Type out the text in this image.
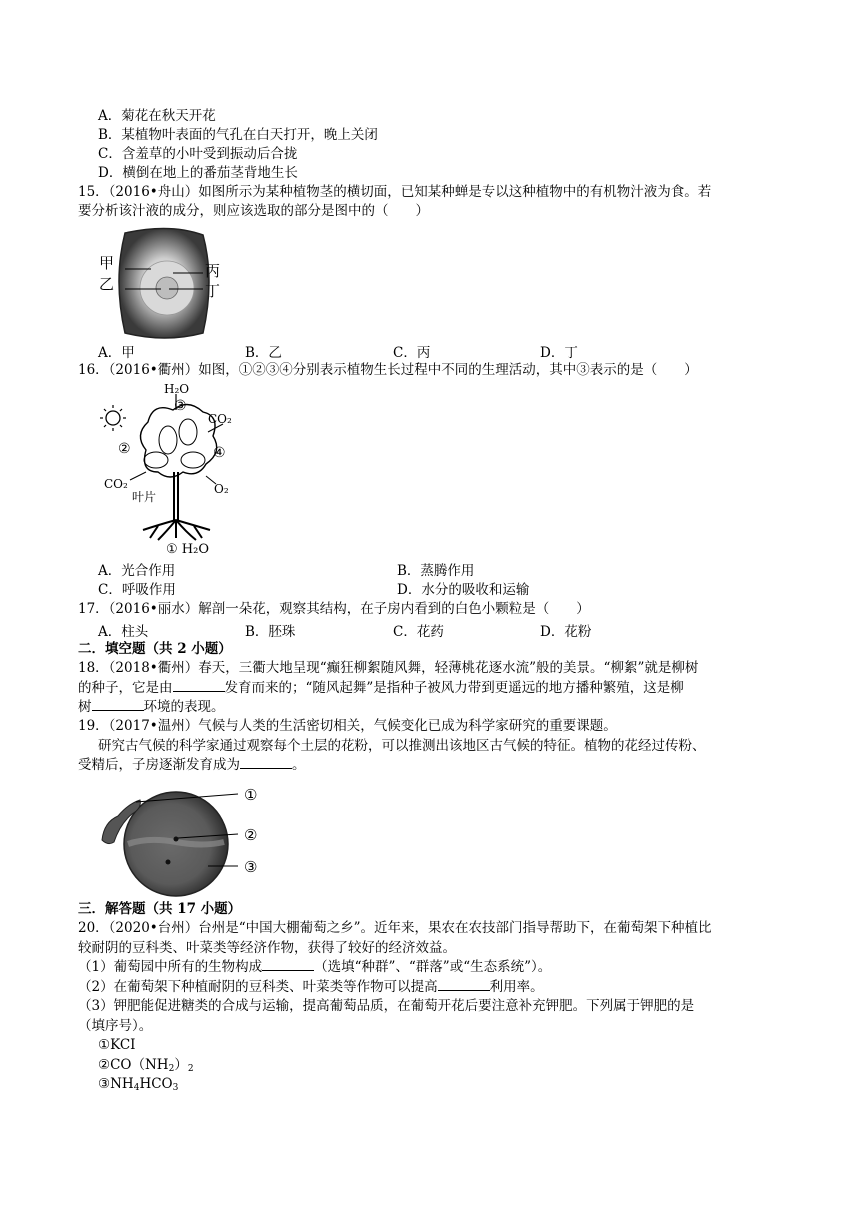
A．菊花在秋天开花
B．某植物叶表面的气孔在白天打开，晚上关闭
C．含羞草的小叶受到振动后合拢
D．横倒在地上的番茄茎背地生长
15．（2016•舟山）如图所示为某种植物茎的横切面，已知某种蝉是专以这种植物中的有机物汁液为食。若
要分析该汁液的成分，则应该选取的部分是图中的（　　）
甲
乙
丙
丁
A．甲	B．乙	C．丙	D．丁
16．（2016•衢州）如图，①②③④分别表示植物生长过程中不同的生理活动，其中③表示的是（　　）
H₂O
③
CO₂
②	④
CO₂	O₂
叶片
① H₂O
A．光合作用	B．蒸腾作用
C．呼吸作用	D．水分的吸收和运输
17．（2016•丽水）解剖一朵花，观察其结构，在子房内看到的白色小颗粒是（　　）
A．柱头	B．胚珠	C．花药	D．花粉
二．填空题（共 2 小题）
18．（2018•衢州）春天，三衢大地呈现“癫狂柳絮随风舞，轻薄桃花逐水流”般的美景。“柳絮”就是柳树
的种子，它是由	发育而来的；“随风起舞”是指种子被风力带到更遥远的地方播种繁殖，这是柳
树	环境的表现。
19．（2017•温州）气候与人类的生活密切相关，气候变化已成为科学家研究的重要课题。
研究古气候的科学家通过观察每个土层的花粉，可以推测出该地区古气候的特征。植物的花经过传粉、
受精后，子房逐渐发育成为	。
①
②
③
三．解答题（共 17 小题）
20．（2020•台州）台州是“中国大棚葡萄之乡”。近年来，果农在农技部门指导帮助下，在葡萄架下种植比
较耐阴的豆科类、叶菜类等经济作物，获得了较好的经济效益。
（1）葡萄园中所有的生物构成	（选填“种群”、“群落”或“生态系统”）。
（2）在葡萄架下种植耐阴的豆科类、叶菜类等作物可以提高	利用率。
（3）钾肥能促进糖类的合成与运输，提高葡萄品质，在葡萄开花后要注意补充钾肥。下列属于钾肥的是
（填序号）。
①KCI
$②CO(NH_2)_2$
$③NH_4HCO_3$
